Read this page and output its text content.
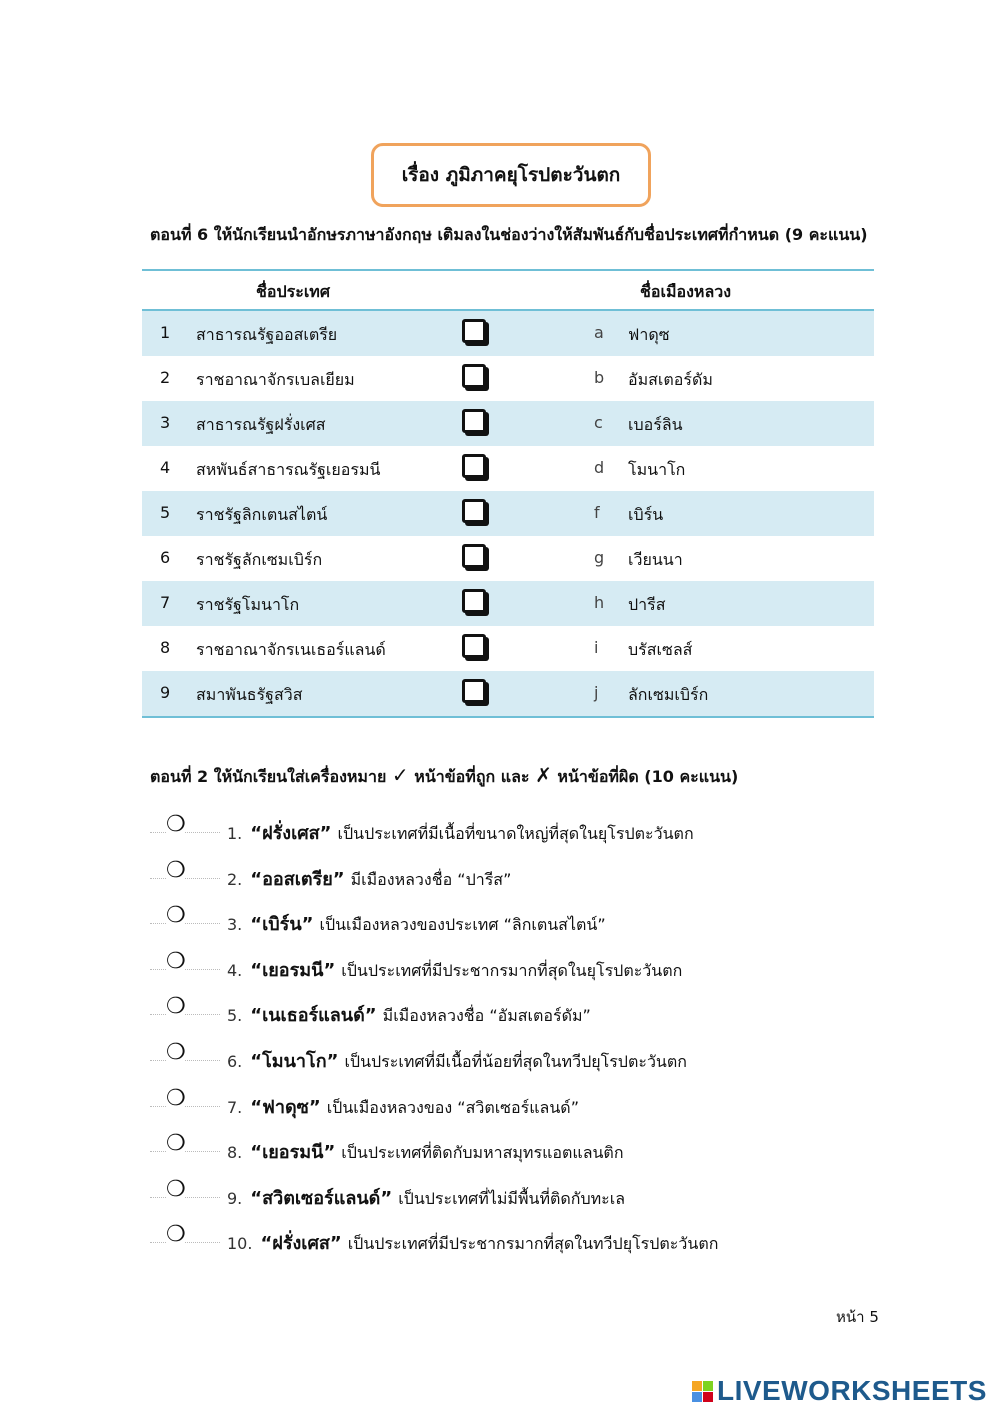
เรื่อง ภูมิภาคยุโรปตะวันตก
ตอนที่ 6 ให้นักเรียนนำอักษรภาษาอังกฤษ เติมลงในช่องว่างให้สัมพันธ์กับชื่อประเทศที่กำหนด (9 คะแนน)
ชื่อประเทศ	ชื่อเมืองหลวง
1 สาธารณรัฐออสเตรีย	a ฟาดุซ
2 ราชอาณาจักรเบลเยียม	b อัมสเตอร์ดัม
3 สาธารณรัฐฝรั่งเศส	c เบอร์ลิน
4 สหพันธ์สาธารณรัฐเยอรมนี	d โมนาโก
5 ราชรัฐลิกเตนสไตน์	f เบิร์น
6 ราชรัฐลักเซมเบิร์ก	g เวียนนา
7 ราชรัฐโมนาโก	h ปารีส
8 ราชอาณาจักรเนเธอร์แลนด์	i บรัสเซลส์
9 สมาพันธรัฐสวิส	j ลักเซมเบิร์ก
ตอนที่ 2 ให้นักเรียนใส่เครื่องหมาย ✓ หน้าข้อที่ถูก และ ✗ หน้าข้อที่ผิด (10 คะแนน)
❍	1. “ฝรั่งเศส” เป็นประเทศที่มีเนื้อที่ขนาดใหญ่ที่สุดในยุโรปตะวันตก
❍	2. “ออสเตรีย” มีเมืองหลวงชื่อ “ปารีส”
❍	3. “เบิร์น” เป็นเมืองหลวงของประเทศ “ลิกเตนสไตน์”
❍	4. “เยอรมนี” เป็นประเทศที่มีประชากรมากที่สุดในยุโรปตะวันตก
❍	5. “เนเธอร์แลนด์” มีเมืองหลวงชื่อ “อัมสเตอร์ดัม”
❍	6. “โมนาโก” เป็นประเทศที่มีเนื้อที่น้อยที่สุดในทวีปยุโรปตะวันตก
❍	7. “ฟาดุซ” เป็นเมืองหลวงของ “สวิตเซอร์แลนด์”
❍	8. “เยอรมนี” เป็นประเทศที่ติดกับมหาสมุทรแอตแลนติก
❍	9. “สวิตเซอร์แลนด์” เป็นประเทศที่ไม่มีพื้นที่ติดกับทะเล
❍	10. “ฝรั่งเศส” เป็นประเทศที่มีประชากรมากที่สุดในทวีปยุโรปตะวันตก
หน้า 5
LIVEWORKSHEETS
